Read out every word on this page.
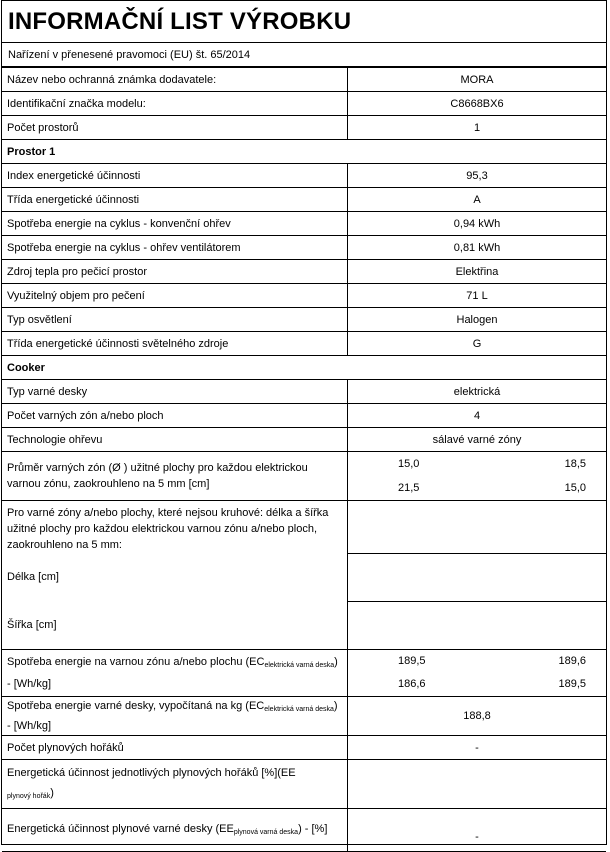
INFORMAČNÍ LIST VÝROBKU
Nařízení v přenesené pravomoci (EU) št. 65/2014
Název nebo ochranná známka dodavatele:	MORA
Identifikační značka modelu:	C8668BX6
Počet prostorů	1
Prostor 1	
Index energetické účinnosti	95,3
Třída energetické účinnosti	A
Spotřeba energie na cyklus - konvenční ohřev	0,94 kWh
Spotřeba energie na cyklus - ohřev ventilátorem	0,81 kWh
Zdroj tepla pro pečicí prostor	Elektřina
Využitelný objem pro pečení	71 L
Typ osvětlení	Halogen
Třída energetické účinnosti světelného zdroje	G
Cooker	
Typ varné desky	elektrická
Počet varných zón a/nebo ploch	4
Technologie ohřevu	sálavé varné zóny
Průměr varných zón (Ø ) užitné plochy pro každou elektrickou varnou zónu, zaokrouhleno na 5 mm [cm]	15,0 18,5
21,5 15,0

Pro varné zóny a/nebo plochy, které nejsou kruhové: délka a šířka užitné plochy pro každou elektrickou varnou zónu a/nebo ploch, zaokrouhleno na 5 mm:	
Délka [cm]	
Šířka [cm]	
Spotřeba energie na varnou zónu a/nebo plochu $(EC_{elektrická varná deska}) - [Wh/kg]$	189,5 189,6
186,6 189,5

Spotřeba energie varné desky, vypočítaná na kg $(EC_{elektrická varná deska}) - [Wh/kg]$	188,8
Počet plynových hořáků	-
Energetická účinnost jednotlivých plynových hořáků [%](EE
$_{plynový hořák}$)	
Energetická účinnost plynové varné desky $(EE_{plynová varná deska})$ - [%]	-
